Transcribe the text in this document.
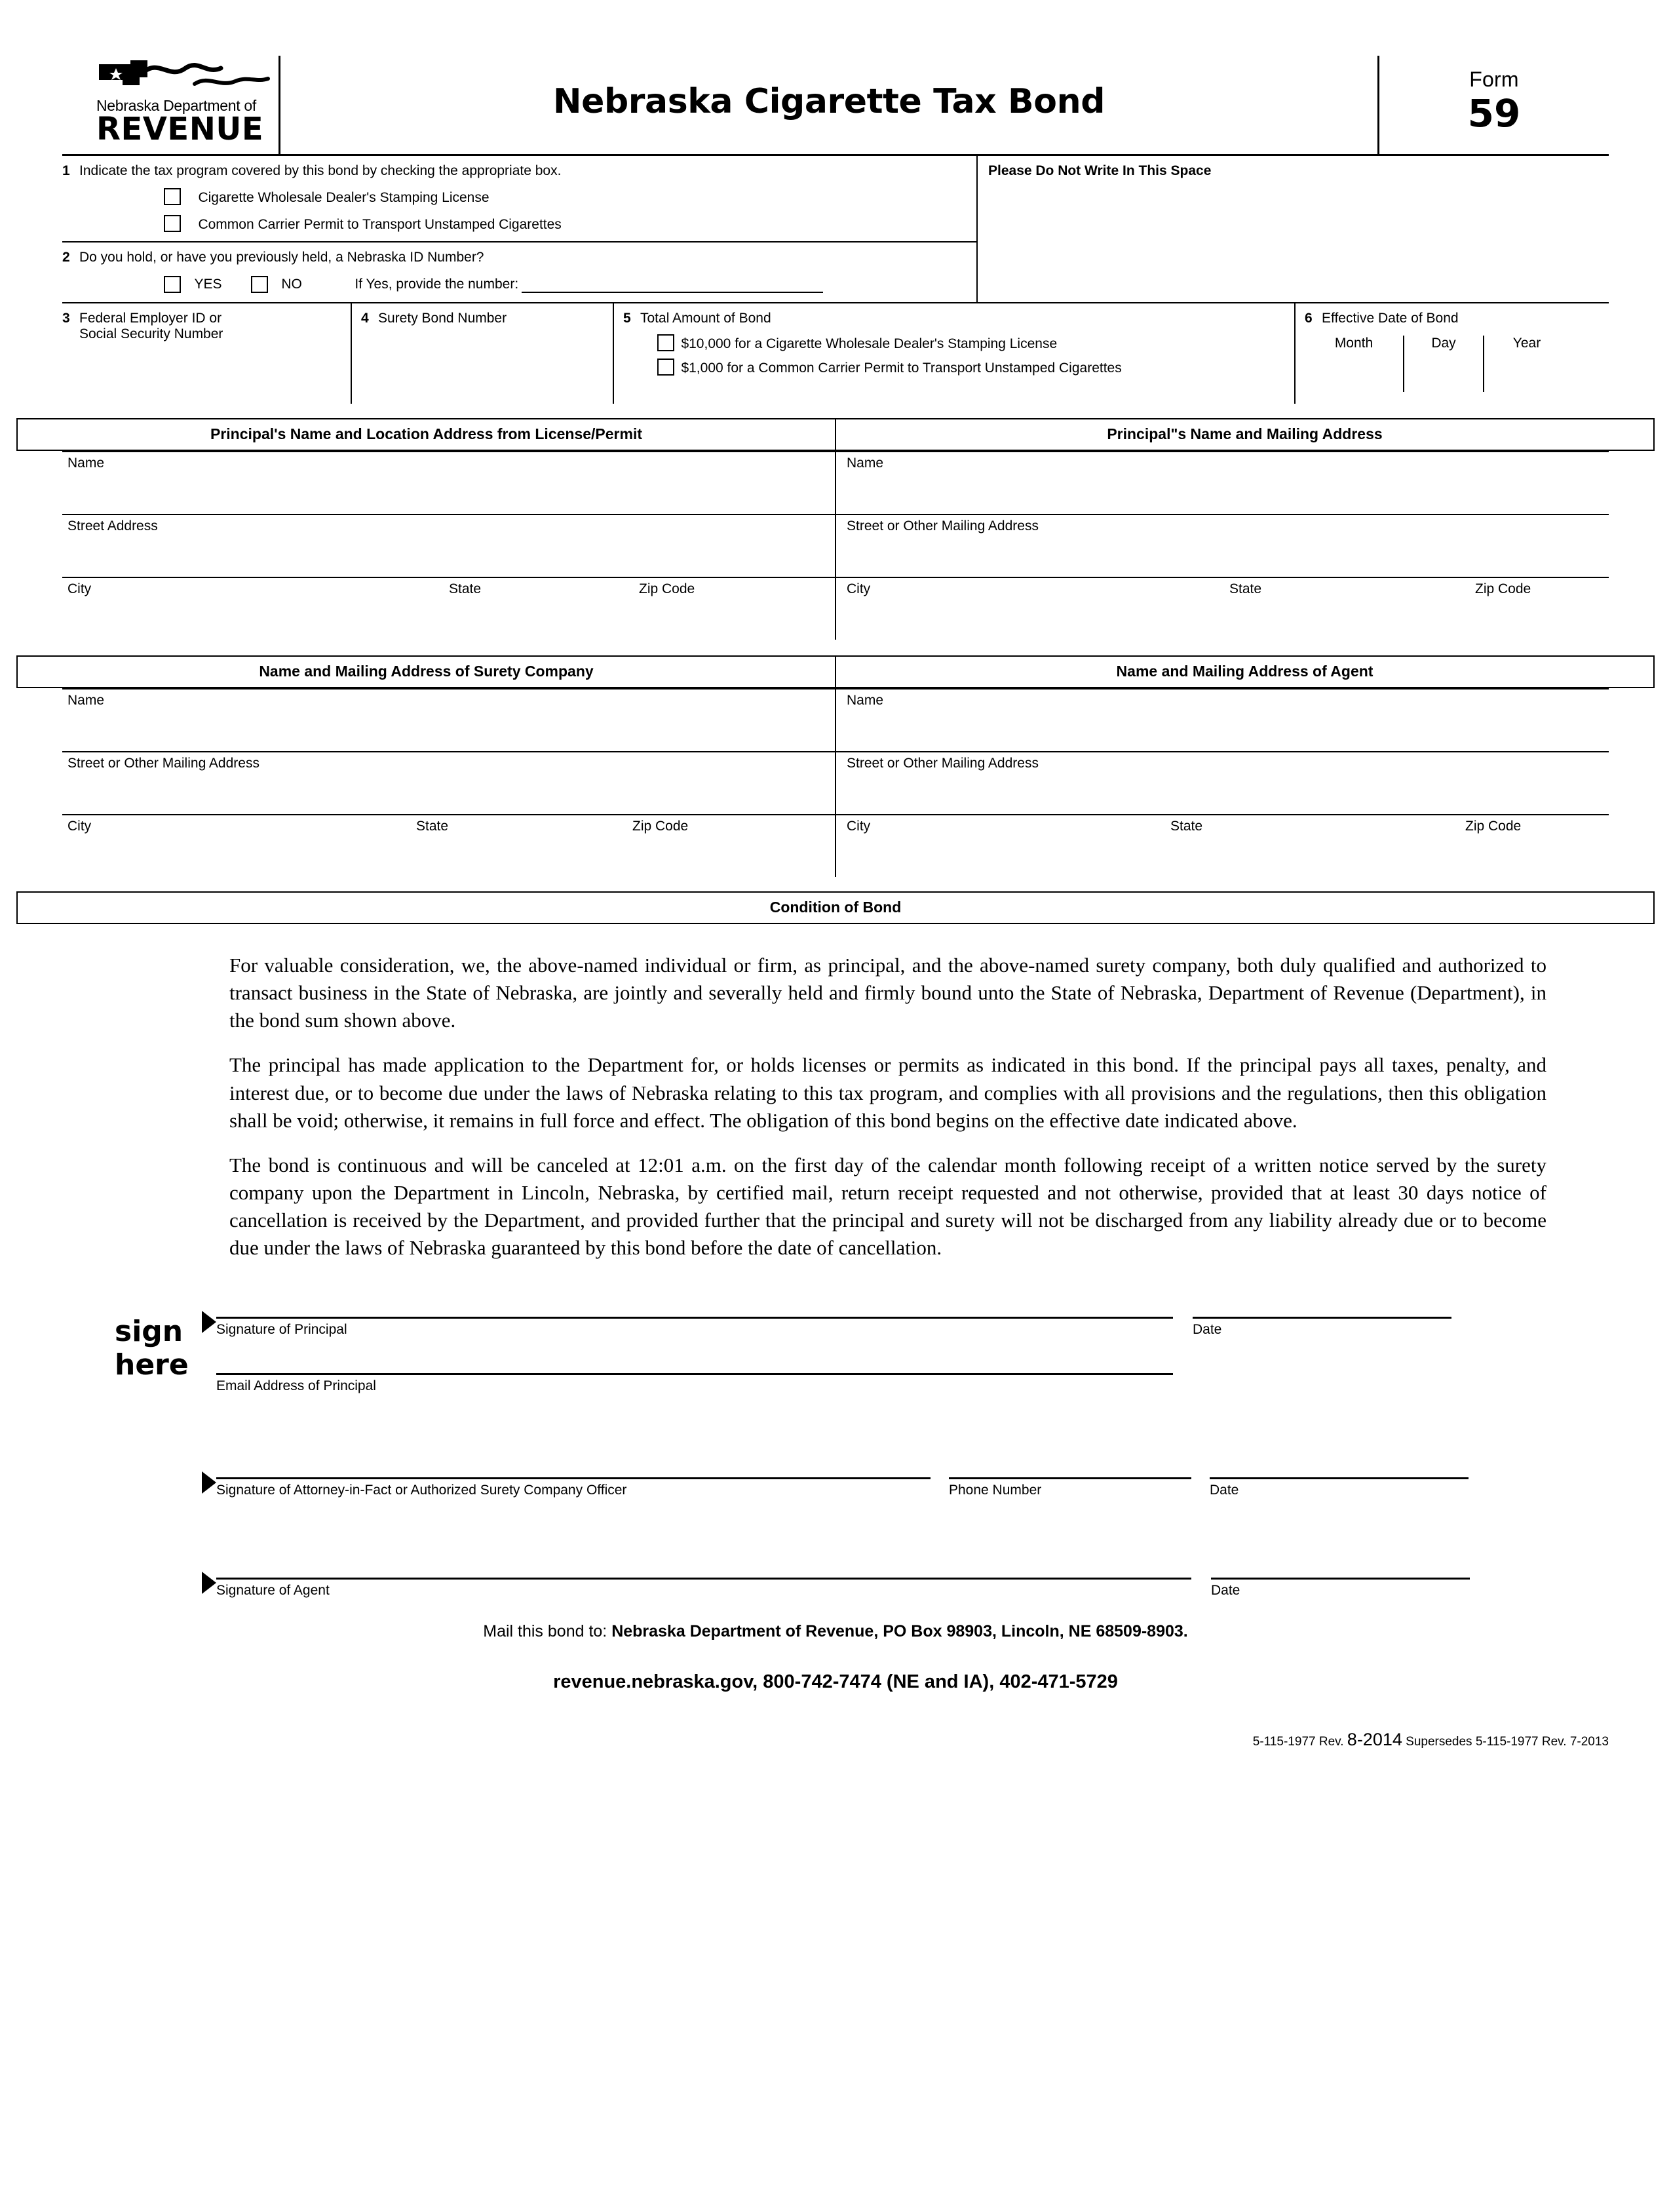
Nebraska Department of
REVENUE
Nebraska Cigarette Tax Bond
Form
59
1 Indicate the tax program covered by this bond by checking the appropriate box.
Cigarette Wholesale Dealer's Stamping License
Common Carrier Permit to Transport Unstamped Cigarettes
2 Do you hold, or have you previously held, a Nebraska ID Number?
YES	NO	If Yes, provide the number:
Please Do Not Write In This Space
3 Federal Employer ID or
Social Security Number
4 Surety Bond Number	5 Total Amount of Bond
$10,000 for a Cigarette Wholesale Dealer's Stamping License
$1,000 for a Common Carrier Permit to Transport Unstamped Cigarettes
6 Effective Date of Bond
Month	Day	Year
Principal's Name and Location Address from License/Permit	Principal"s Name and Mailing Address
Name
Street Address
City	State	Zip Code
Name
Street or Other Mailing Address
City	State	Zip Code
Name and Mailing Address of Surety Company	Name and Mailing Address of Agent
Name
Street or Other Mailing Address
City	State	Zip Code
Name
Street or Other Mailing Address
City	State	Zip Code
Condition of Bond

For valuable consideration, we, the above-named individual or firm, as principal, and the above-named surety company, both duly qualified and authorized to transact business in the State of Nebraska, are jointly and severally held and firmly bound unto the State of Nebraska, Department of Revenue (Department), in the bond sum shown above.

The principal has made application to the Department for, or holds licenses or permits as indicated in this bond. If the principal pays all taxes, penalty, and interest due, or to become due under the laws of Nebraska relating to this tax program, and complies with all provisions and the regulations, then this obligation shall be void; otherwise, it remains in full force and effect. The obligation of this bond begins on the effective date indicated above.

The bond is continuous and will be canceled at 12:01 a.m. on the first day of the calendar month following receipt of a written notice served by the surety company upon the Department in Lincoln, Nebraska, by certified mail, return receipt requested and not otherwise, provided that at least 30 days notice of cancellation is received by the Department, and provided further that the principal and surety will not be discharged from any liability already due or to become due under the laws of Nebraska guaranteed by this bond before the date of cancellation.

sign
here
Signature of Principal	Date
Email Address of Principal
Signature of Attorney-in-Fact or Authorized Surety Company Officer	Phone Number	Date
Signature of Agent	Date
Mail this bond to: Nebraska Department of Revenue, PO Box 98903, Lincoln, NE 68509-8903.
revenue.nebraska.gov, 800-742-7474 (NE and IA), 402-471-5729
5-115-1977 Rev. 8-2014 Supersedes 5-115-1977 Rev. 7-2013
